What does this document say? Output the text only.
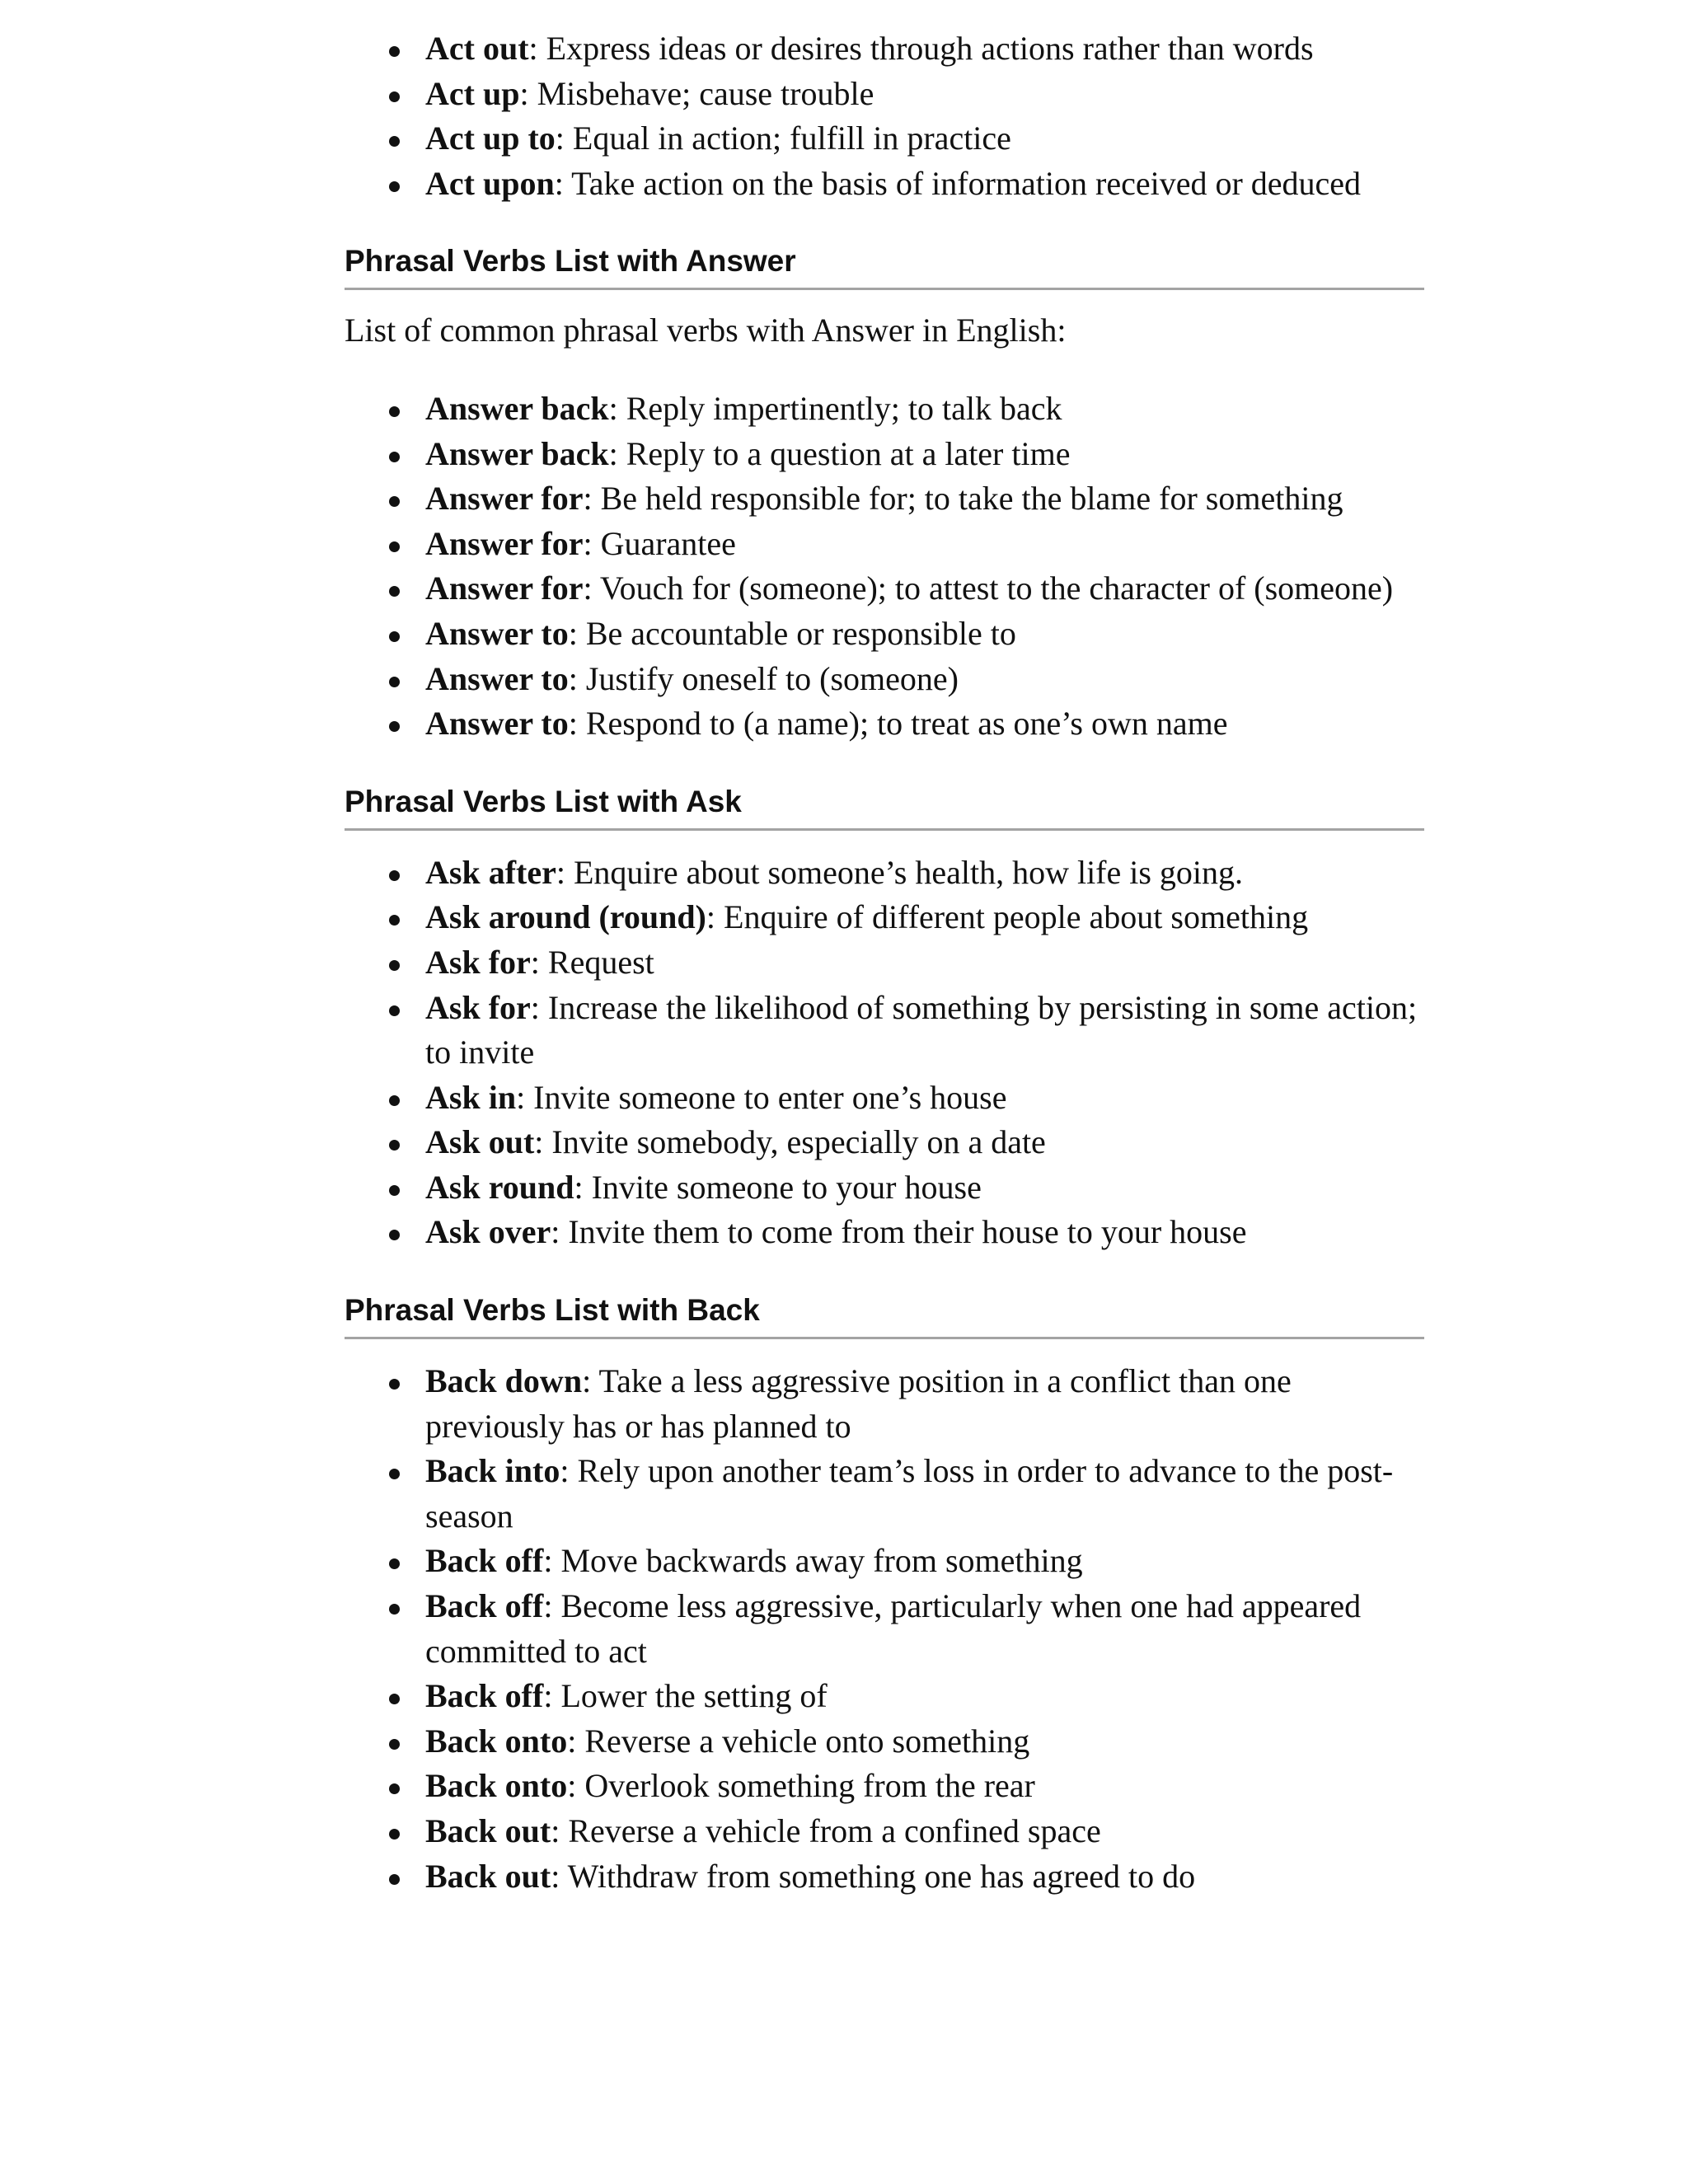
Act out: Express ideas or desires through actions rather than words
Act up: Misbehave; cause trouble
Act up to: Equal in action; fulfill in practice
Act upon: Take action on the basis of information received or deduced
Phrasal Verbs List with Answer

List of common phrasal verbs with Answer in English:

Answer back: Reply impertinently; to talk back
Answer back: Reply to a question at a later time
Answer for: Be held responsible for; to take the blame for something
Answer for: Guarantee
Answer for: Vouch for (someone); to attest to the character of (someone)
Answer to: Be accountable or responsible to
Answer to: Justify oneself to (someone)
Answer to: Respond to (a name); to treat as one’s own name
Phrasal Verbs List with Ask
Ask after: Enquire about someone’s health, how life is going.
Ask around (round): Enquire of different people about something
Ask for: Request
Ask for: Increase the likelihood of something by persisting in some action; to invite
Ask in: Invite someone to enter one’s house
Ask out: Invite somebody, especially on a date
Ask round: Invite someone to your house
Ask over: Invite them to come from their house to your house
Phrasal Verbs List with Back
Back down: Take a less aggressive position in a conflict than one previously has or has planned to
Back into: Rely upon another team’s loss in order to advance to the post-season
Back off: Move backwards away from something
Back off: Become less aggressive, particularly when one had appeared committed to act
Back off: Lower the setting of
Back onto: Reverse a vehicle onto something
Back onto: Overlook something from the rear
Back out: Reverse a vehicle from a confined space
Back out: Withdraw from something one has agreed to do
